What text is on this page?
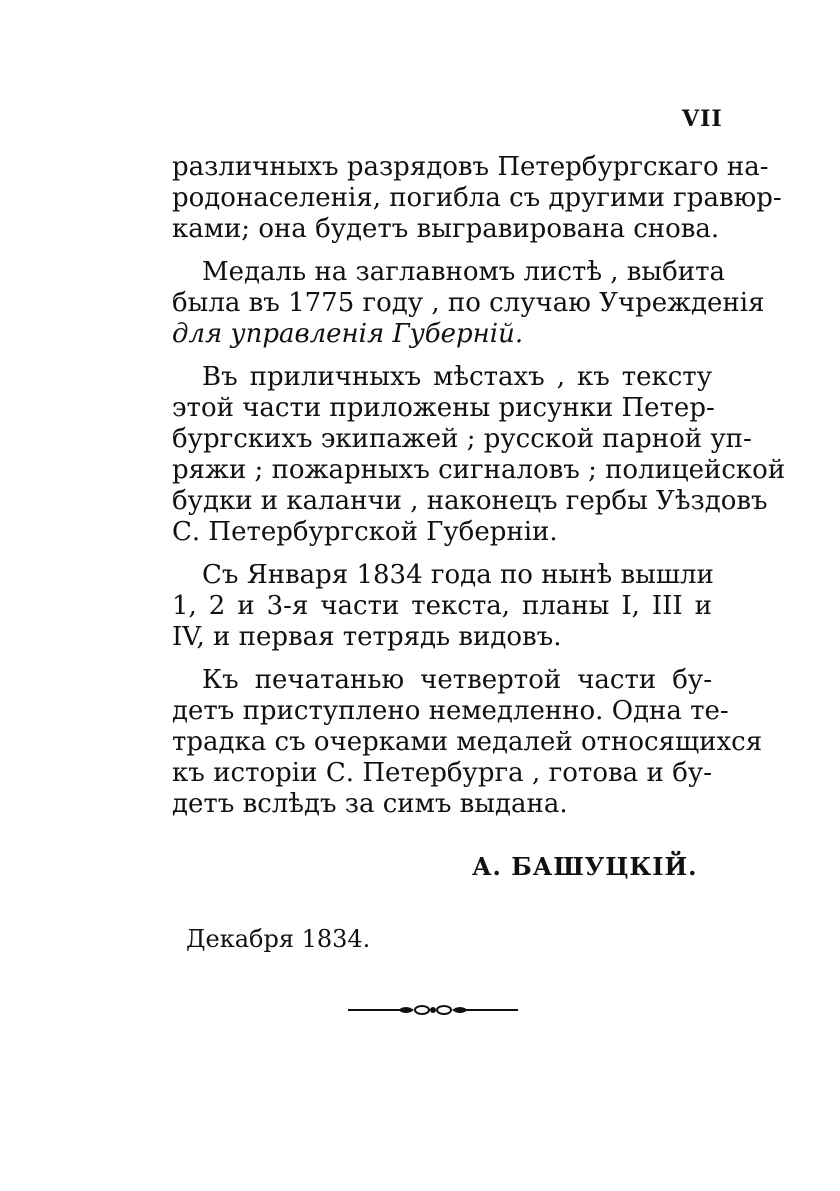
VII
различныхъ разрядовъ Петербургскаго на-
родонаселенія, погибла съ другими гравюр-
ками; она будетъ выгравирована снова.
Медаль на заглавномъ листѣ , выбита
была въ 1775 году , по случаю Учрежденія
для управленія Губерній.
Въ приличныхъ мѣстахъ , къ тексту
этой части приложены рисунки Петер-
бургскихъ экипажей ; русской парной уп-
ряжи ; пожарныхъ сигналовъ ; полицейской
будки и каланчи , наконецъ гербы Уѣздовъ
С. Петербургской Губерніи.
Съ Января 1834 года по нынѣ вышли
1, 2 и 3-я части текста, планы I, III и
IV, и первая тетрядь видовъ.
Къ печатанью четвертой части бу-
детъ приступлено немедленно. Одна те-
традка съ очерками медалей относящихся
къ исторіи С. Петербурга , готова и бу-
детъ вслѣдъ за симъ выдана.
А. БАШУЦКІЙ.
Декабря 1834.
